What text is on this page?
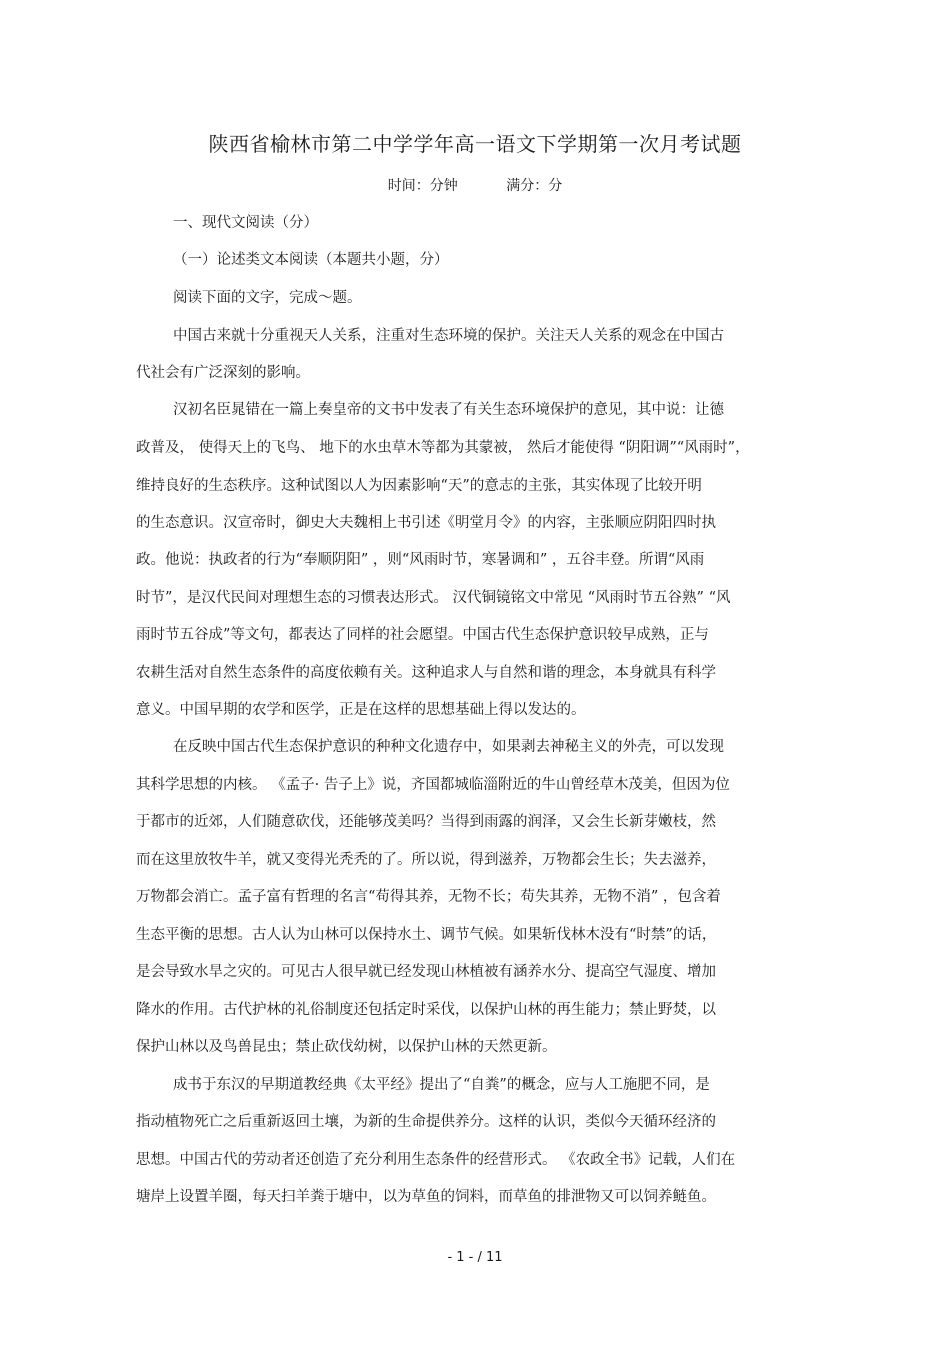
陕西省榆林市第二中学学年高一语文下学期第一次月考试题
时间：分钟	满分：分
一、现代文阅读（分）
（一）论述类文本阅读（本题共小题，分）
阅读下面的文字，完成～题。
中国古来就十分重视天人关系，注重对生态环境的保护。关注天人关系的观念在中国古
代社会有广泛深刻的影响。
汉初名臣晁错在一篇上奏皇帝的文书中发表了有关生态环境保护的意见，其中说：让德
政普及， 使得天上的飞鸟、 地下的水虫草木等都为其蒙被， 然后才能使得 “阴阳调”“风雨时”，
维持良好的生态秩序。这种试图以人为因素影响“天”的意志的主张，其实体现了比较开明
的生态意识。汉宣帝时，御史大夫魏相上书引述《明堂月令》的内容，主张顺应阴阳四时执
政。他说：执政者的行为“奉顺阴阳” ，则“风雨时节，寒暑调和” ，五谷丰登。所谓“风雨
时节”，是汉代民间对理想生态的习惯表达形式。 汉代铜镜铭文中常见 “风雨时节五谷熟” “风
雨时节五谷成”等文句，都表达了同样的社会愿望。中国古代生态保护意识较早成熟，正与
农耕生活对自然生态条件的高度依赖有关。这种追求人与自然和谐的理念，本身就具有科学
意义。中国早期的农学和医学，正是在这样的思想基础上得以发达的。
在反映中国古代生态保护意识的种种文化遗存中，如果剥去神秘主义的外壳，可以发现
其科学思想的内核。 《孟子· 告子上》说，齐国都城临淄附近的牛山曾经草木茂美，但因为位
于都市的近郊，人们随意砍伐，还能够茂美吗？当得到雨露的润泽，又会生长新芽嫩枝，然
而在这里放牧牛羊，就又变得光秃秃的了。所以说，得到滋养，万物都会生长；失去滋养，
万物都会消亡。孟子富有哲理的名言“苟得其养，无物不长；苟失其养，无物不消” ，包含着
生态平衡的思想。古人认为山林可以保持水土、调节气候。如果斩伐林木没有“时禁”的话，
是会导致水旱之灾的。可见古人很早就已经发现山林植被有涵养水分、提高空气湿度、增加
降水的作用。古代护林的礼俗制度还包括定时采伐，以保护山林的再生能力；禁止野焚，以
保护山林以及鸟兽昆虫；禁止砍伐幼树，以保护山林的天然更新。
成书于东汉的早期道教经典《太平经》提出了“自粪”的概念，应与人工施肥不同，是
指动植物死亡之后重新返回土壤，为新的生命提供养分。这样的认识，类似今天循环经济的
思想。中国古代的劳动者还创造了充分利用生态条件的经营形式。 《农政全书》记载，人们在
塘岸上设置羊圈，每天扫羊粪于塘中，以为草鱼的饲料，而草鱼的排泄物又可以饲养鲢鱼。
- 1 - / 11
